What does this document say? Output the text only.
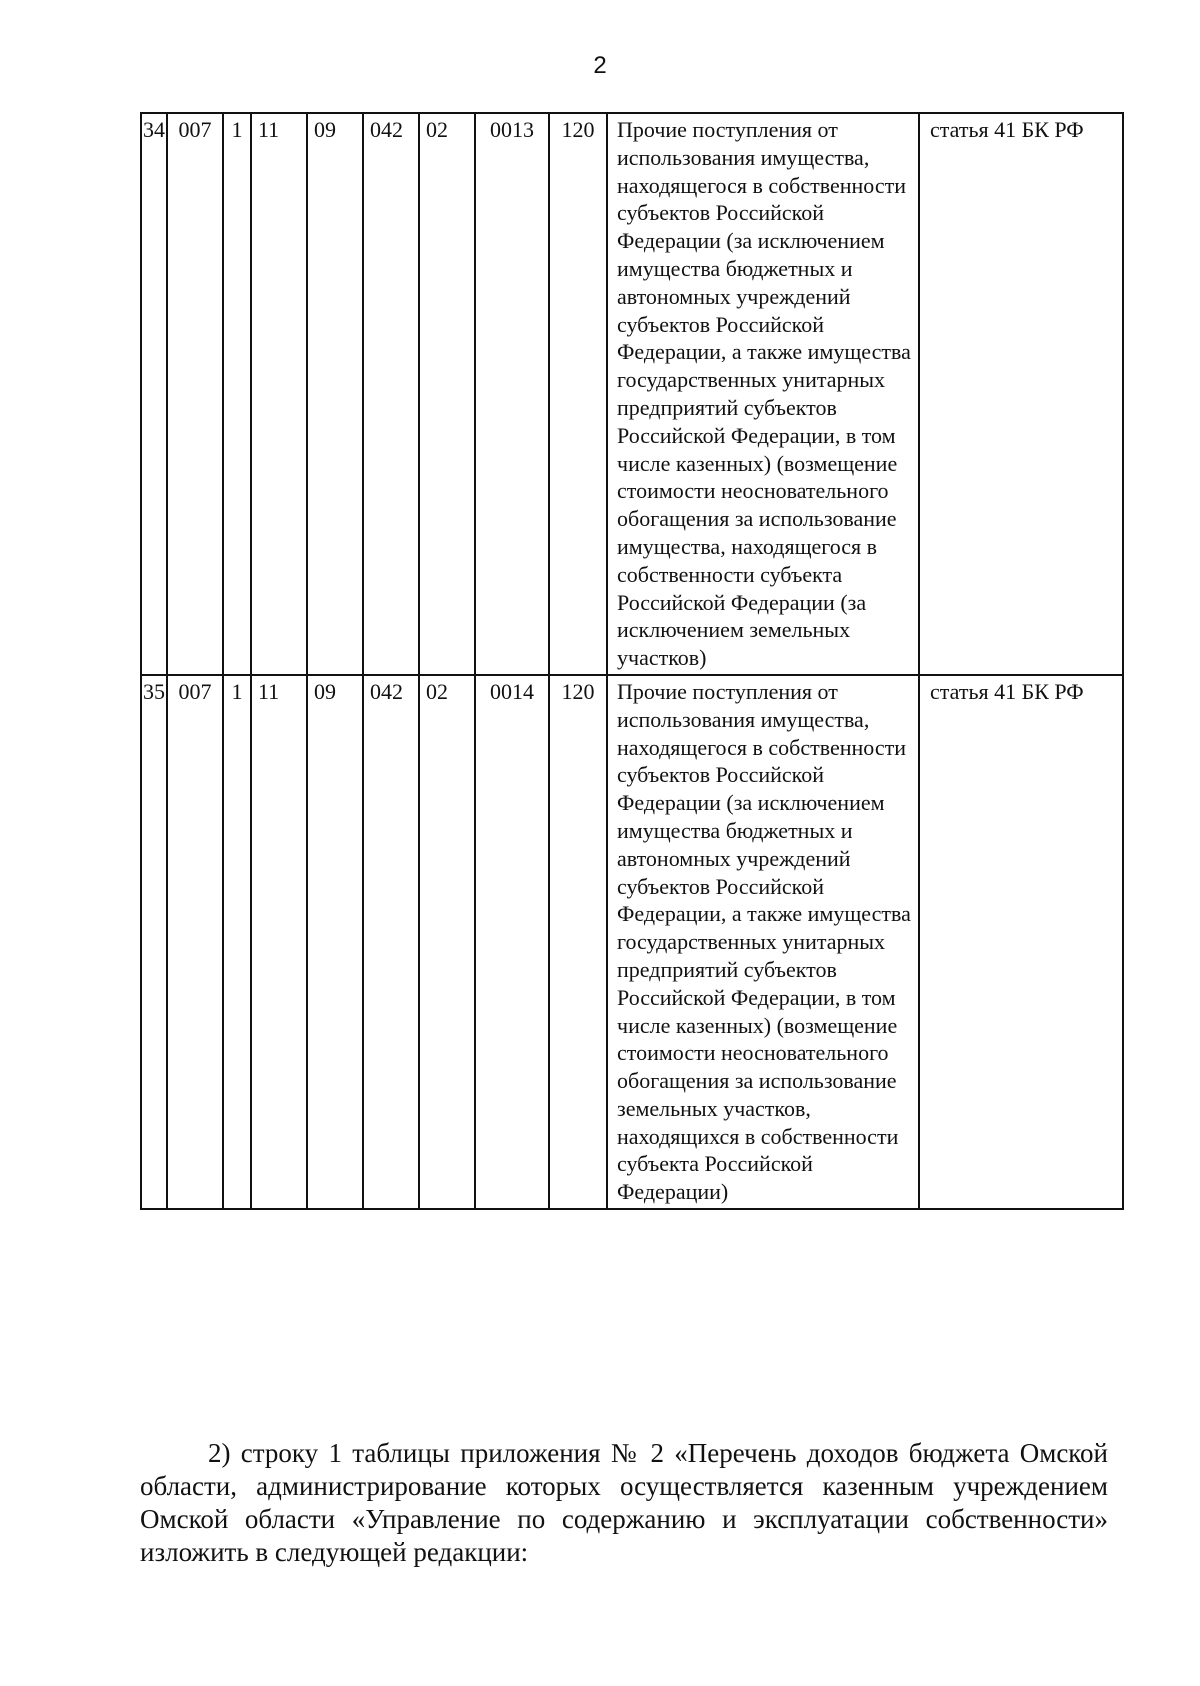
2
34	007	1	11	09	042	02	0013	120	Прочие поступления от использования имущества, находящегося в собственности субъектов Российской Федерации (за исключением имущества бюджетных и автономных учреждений субъектов Российской Федерации, а также имущества государственных унитарных предприятий субъектов Российской Федерации, в том числе казенных) (возмещение стоимости неосновательного обогащения за использование имущества, находящегося в собственности субъекта Российской Федерации (за исключением земельных участков)	статья 41 БК РФ
35	007	1	11	09	042	02	0014	120	Прочие поступления от использования имущества, находящегося в собственности субъектов Российской Федерации (за исключением имущества бюджетных и автономных учреждений субъектов Российской Федерации, а также имущества государственных унитарных предприятий субъектов Российской Федерации, в том числе казенных) (возмещение стоимости неосновательного обогащения за использование земельных участков, находящихся в собственности субъекта Российской Федерации)	статья 41 БК РФ
2) строку 1 таблицы приложения № 2 «Перечень доходов бюджета Омской области, администрирование которых осуществляется казенным учреждением Омской области «Управление по содержанию и эксплуатации собственности» изложить в следующей редакции:
